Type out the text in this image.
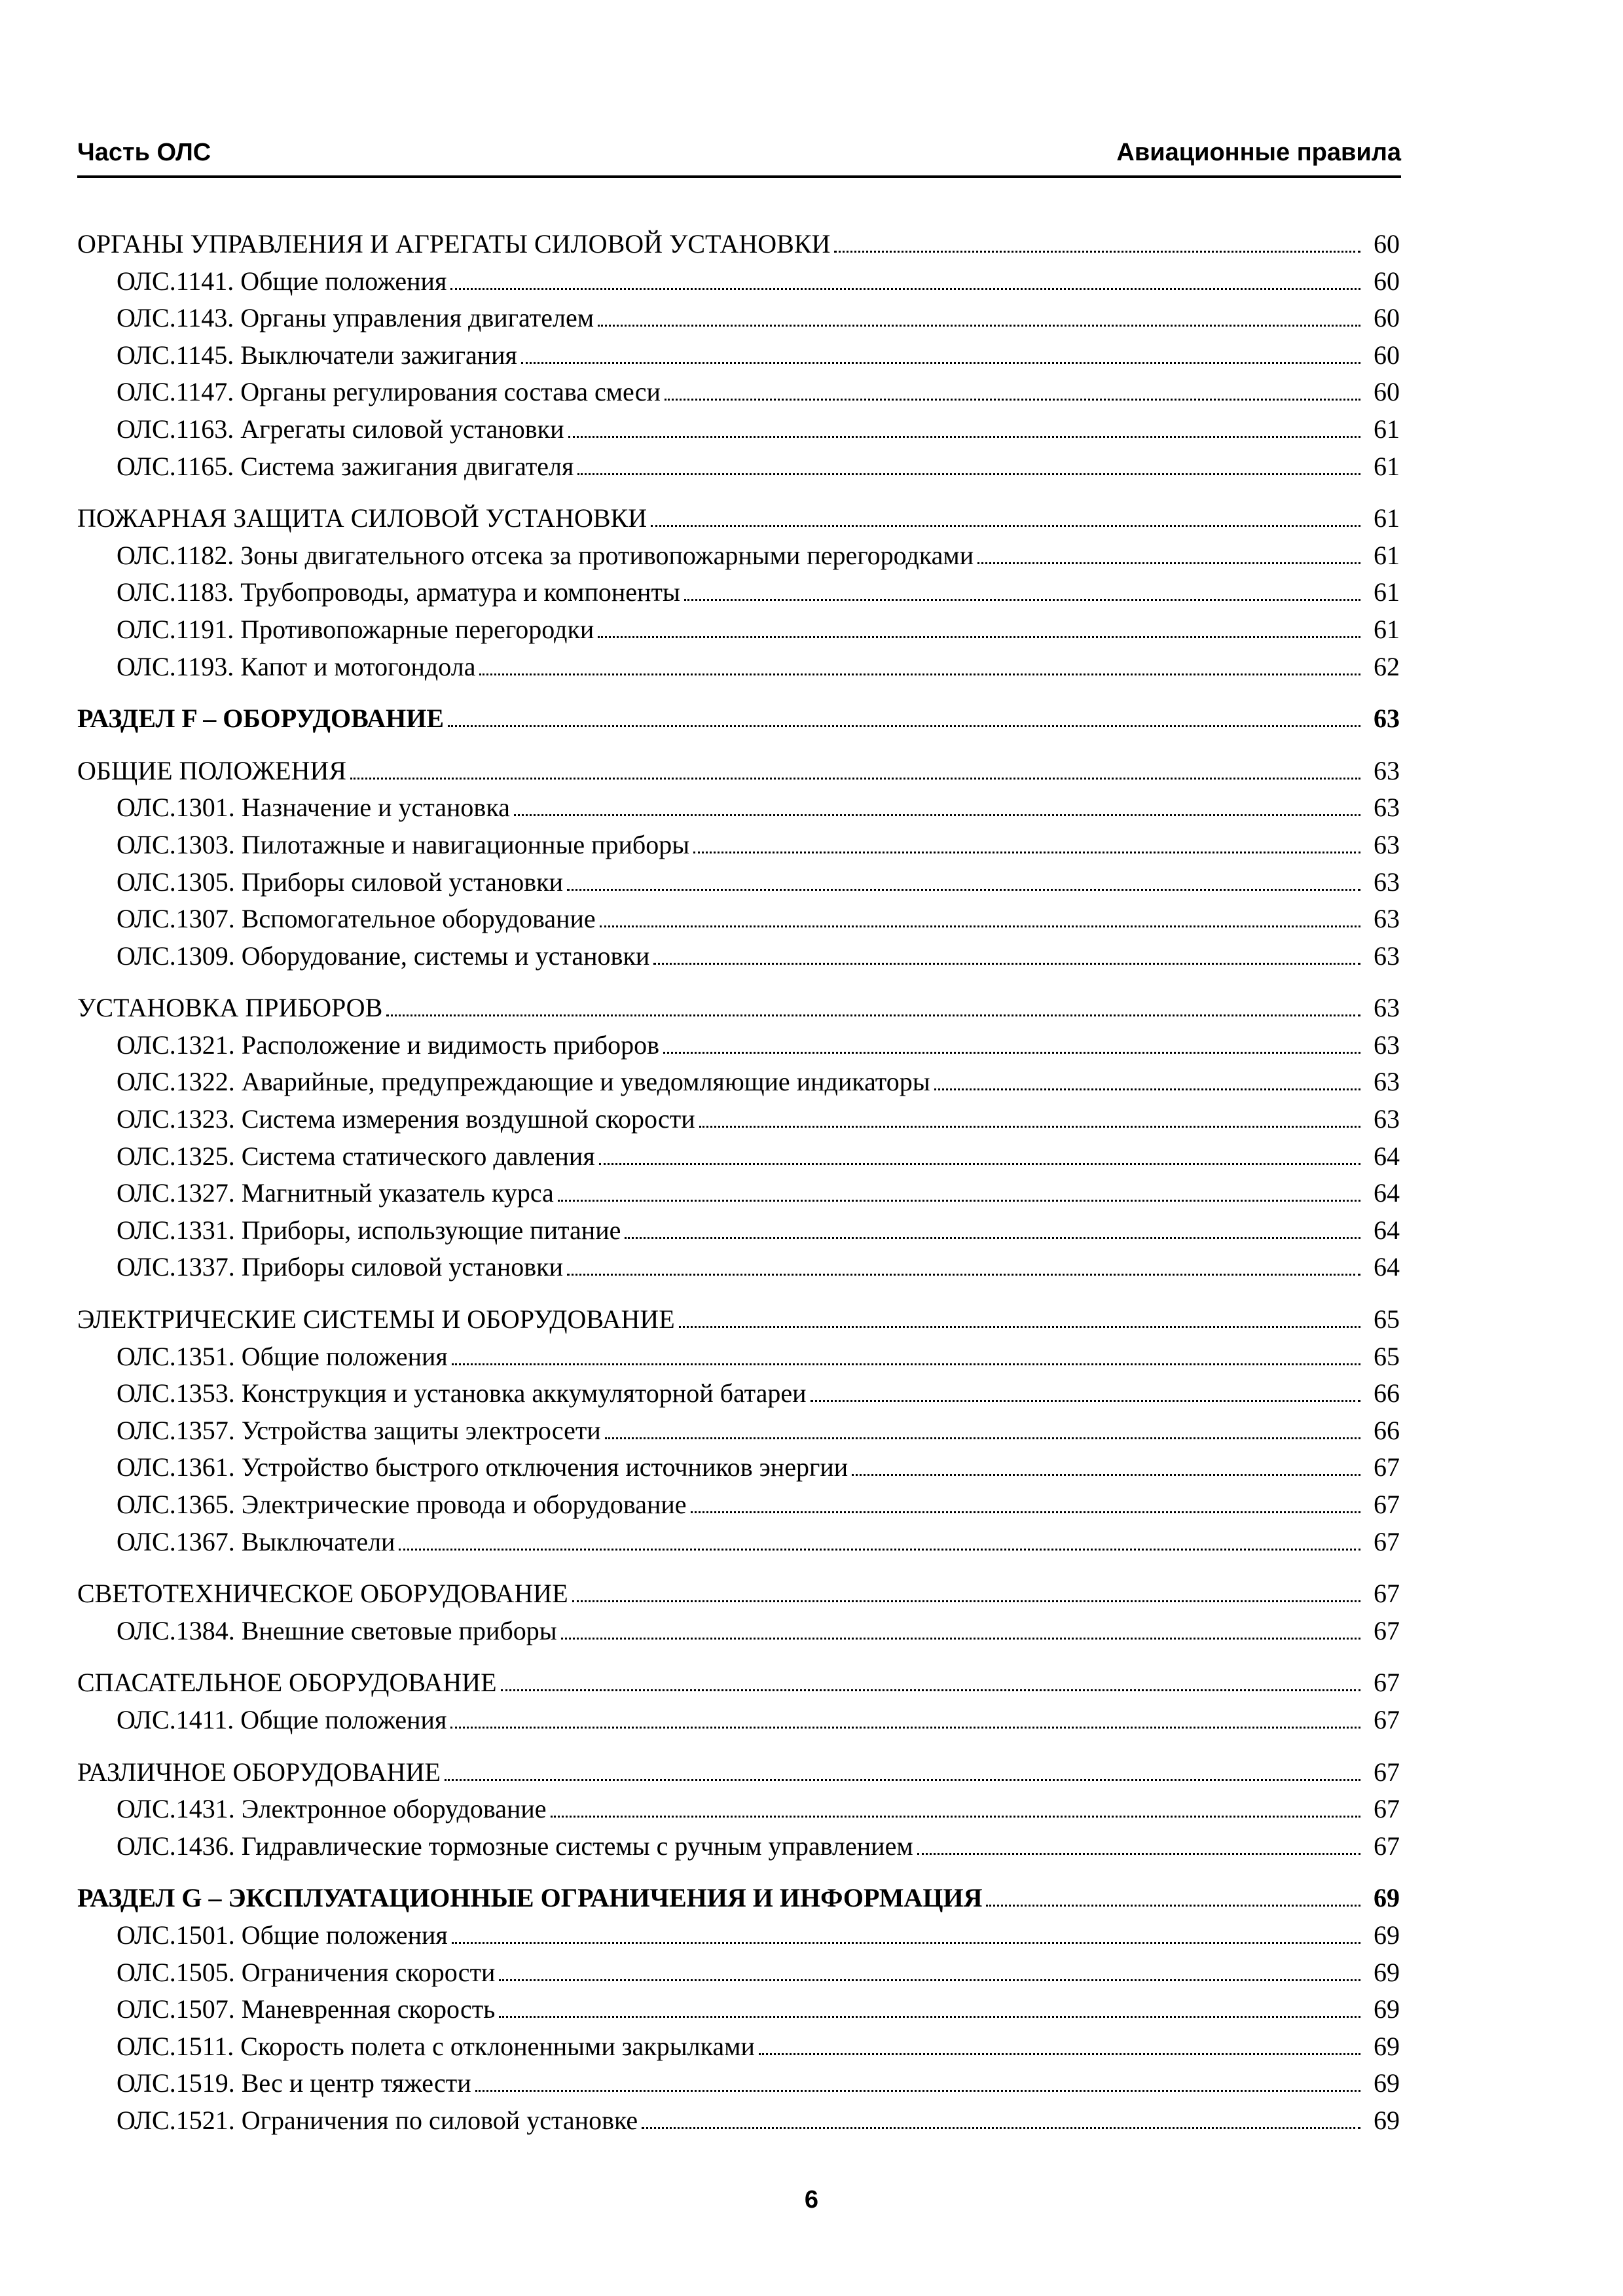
Часть ОЛС	Авиационные правила
ОРГАНЫ УПРАВЛЕНИЯ И АГРЕГАТЫ СИЛОВОЙ УСТАНОВКИ	60
ОЛС.1141. Общие положения	60
ОЛС.1143. Органы управления двигателем	60
ОЛС.1145. Выключатели зажигания	60
ОЛС.1147. Органы регулирования состава смеси	60
ОЛС.1163. Агрегаты силовой установки	61
ОЛС.1165. Система зажигания двигателя	61
ПОЖАРНАЯ ЗАЩИТА СИЛОВОЙ УСТАНОВКИ	61
ОЛС.1182. Зоны двигательного отсека за противопожарными перегородками	61
ОЛС.1183. Трубопроводы, арматура и компоненты	61
ОЛС.1191. Противопожарные перегородки	61
ОЛС.1193. Капот и мотогондола	62
РАЗДЕЛ F – ОБОРУДОВАНИЕ	63
ОБЩИЕ ПОЛОЖЕНИЯ	63
ОЛС.1301. Назначение и установка	63
ОЛС.1303. Пилотажные и навигационные приборы	63
ОЛС.1305. Приборы силовой установки	63
ОЛС.1307. Вспомогательное оборудование	63
ОЛС.1309. Оборудование, системы и установки	63
УСТАНОВКА ПРИБОРОВ	63
ОЛС.1321. Расположение и видимость приборов	63
ОЛС.1322. Аварийные, предупреждающие и уведомляющие индикаторы	63
ОЛС.1323. Система измерения воздушной скорости	63
ОЛС.1325. Система статического давления	64
ОЛС.1327. Магнитный указатель курса	64
ОЛС.1331. Приборы, использующие питание	64
ОЛС.1337. Приборы силовой установки	64
ЭЛЕКТРИЧЕСКИЕ СИСТЕМЫ И ОБОРУДОВАНИЕ	65
ОЛС.1351. Общие положения	65
ОЛС.1353. Конструкция и установка аккумуляторной батареи	66
ОЛС.1357. Устройства защиты электросети	66
ОЛС.1361. Устройство быстрого отключения источников энергии	67
ОЛС.1365. Электрические провода и оборудование	67
ОЛС.1367. Выключатели	67
СВЕТОТЕХНИЧЕСКОЕ ОБОРУДОВАНИЕ	67
ОЛС.1384. Внешние световые приборы	67
СПАСАТЕЛЬНОЕ ОБОРУДОВАНИЕ	67
ОЛС.1411. Общие положения	67
РАЗЛИЧНОЕ ОБОРУДОВАНИЕ	67
ОЛС.1431. Электронное оборудование	67
ОЛС.1436. Гидравлические тормозные системы с ручным управлением	67
РАЗДЕЛ G – ЭКСПЛУАТАЦИОННЫЕ ОГРАНИЧЕНИЯ И ИНФОРМАЦИЯ	69
ОЛС.1501. Общие положения	69
ОЛС.1505. Ограничения скорости	69
ОЛС.1507. Маневренная скорость	69
ОЛС.1511. Скорость полета с отклоненными закрылками	69
ОЛС.1519. Вес и центр тяжести	69
ОЛС.1521. Ограничения по силовой установке	69
6
